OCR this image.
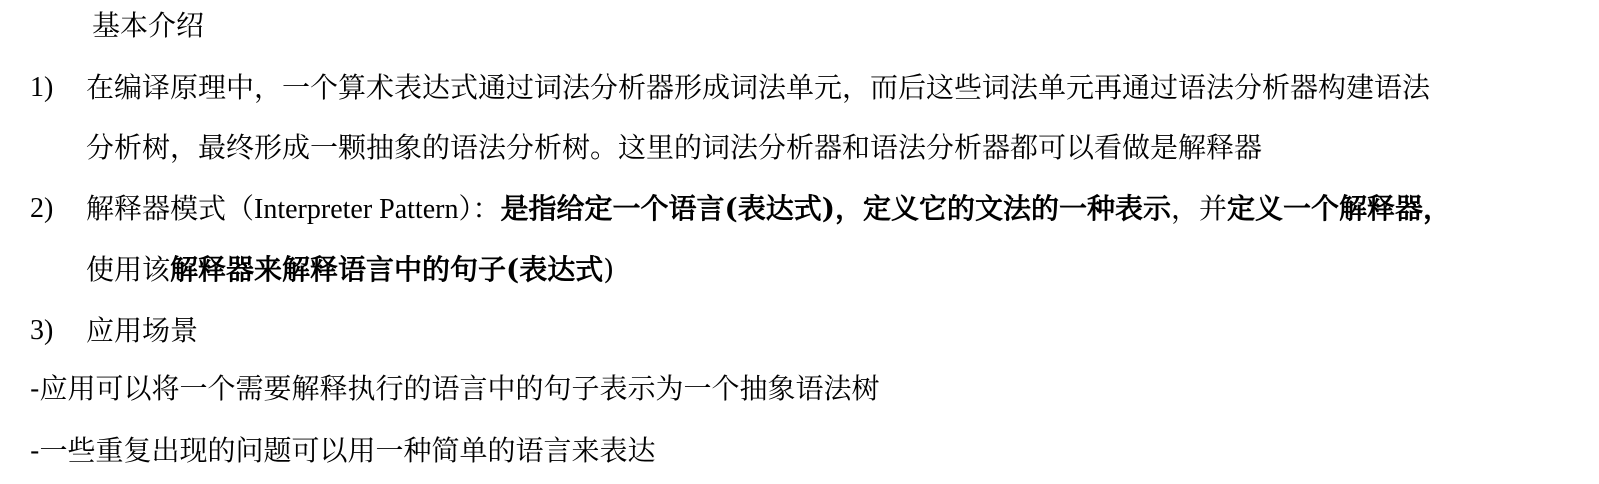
基本介绍
1) 在编译原理中，一个算术表达式通过词法分析器形成词法单元，而后这些词法单元再通过语法分析器构建语法
分析树，最终形成一颗抽象的语法分析树。这里的词法分析器和语法分析器都可以看做是解释器
2) 解释器模式（Interpreter Pattern）：是指给定一个语言(表达式)，定义它的文法的一种表示，并定义一个解释器，
使用该解释器来解释语言中的句子(表达式)
3) 应用场景
-应用可以将一个需要解释执行的语言中的句子表示为一个抽象语法树
-一些重复出现的问题可以用一种简单的语言来表达
